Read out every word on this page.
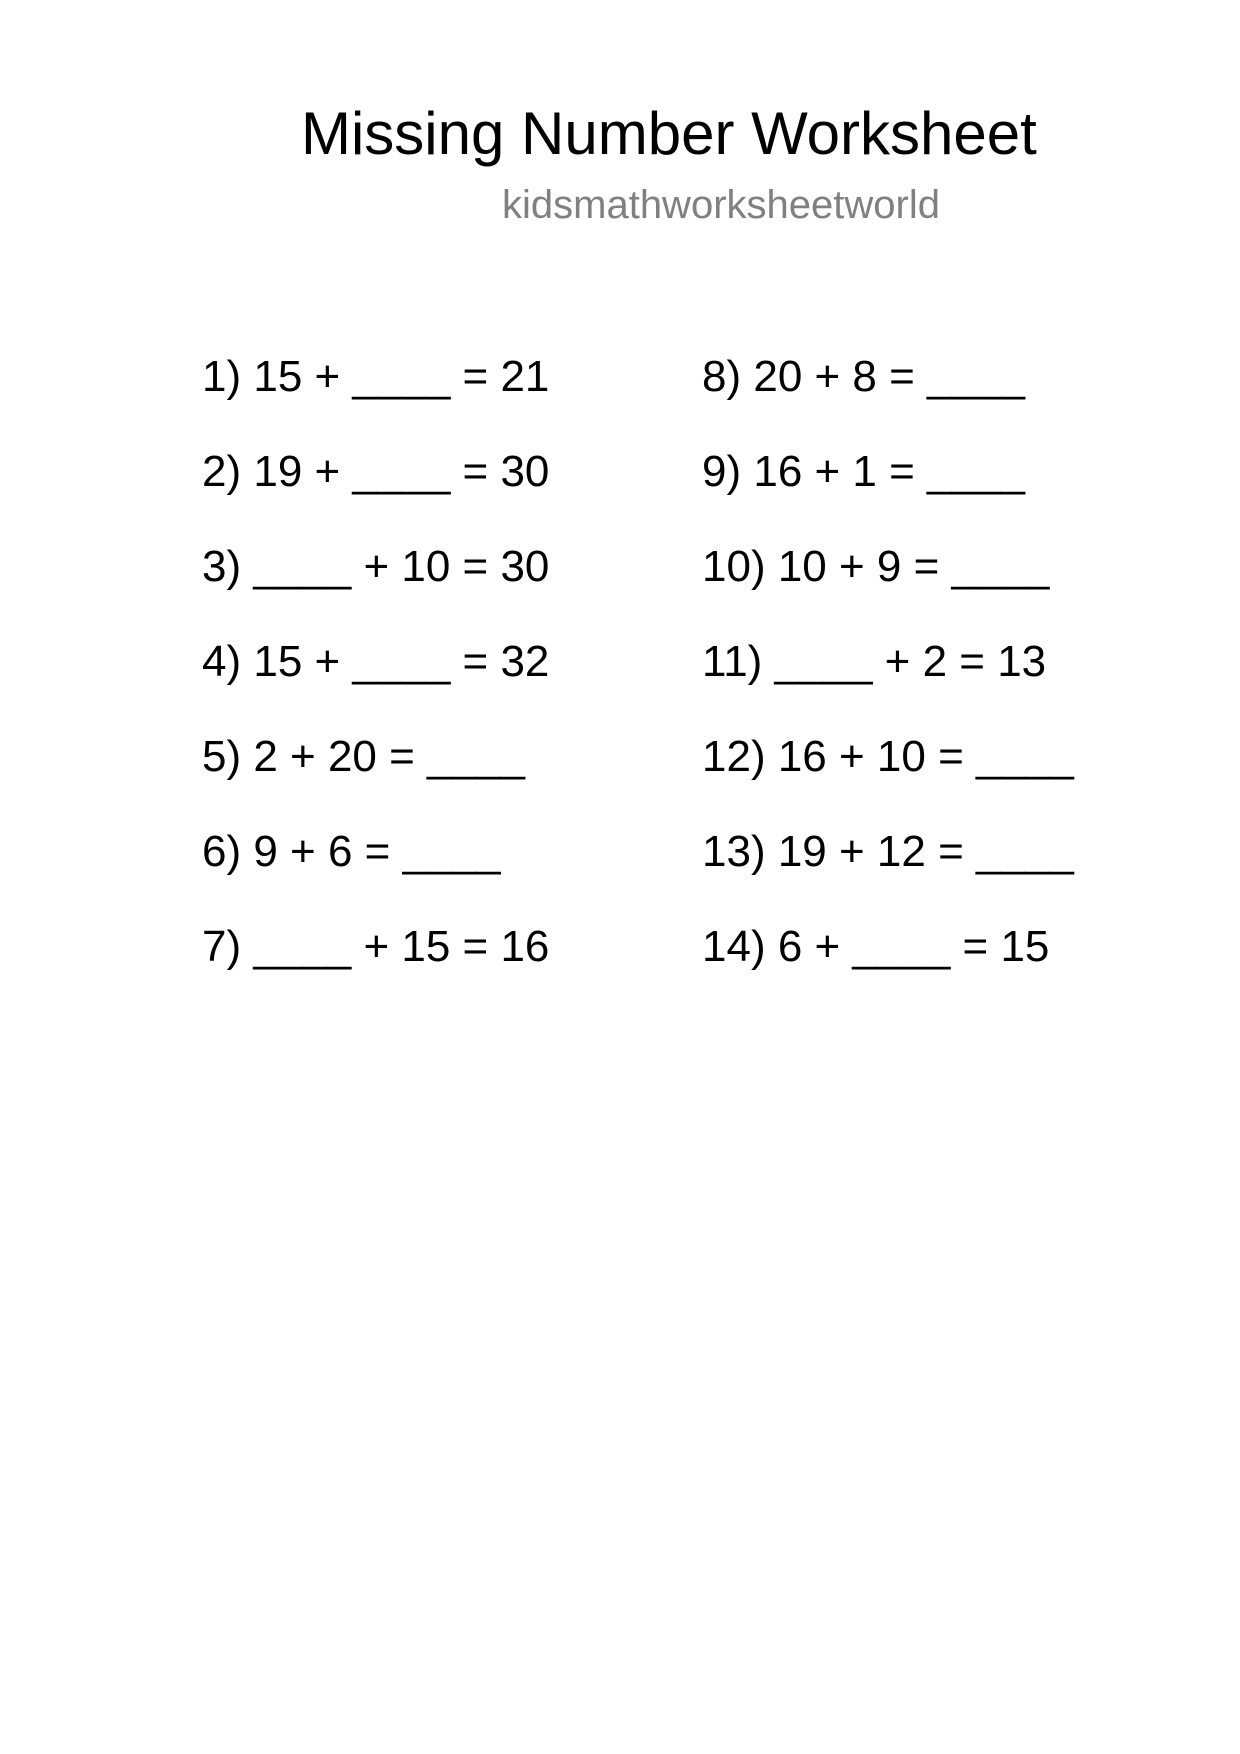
Missing Number Worksheet
kidsmathworksheetworld
1) 15 + ____ = 21
2) 19 + ____ = 30
3) ____ + 10 = 30
4) 15 + ____ = 32
5) 2 + 20 = ____
6) 9 + 6 = ____
7) ____ + 15 = 16
8) 20 + 8 = ____
9) 16 + 1 = ____
10) 10 + 9 = ____
11) ____ + 2 = 13
12) 16 + 10 = ____
13) 19 + 12 = ____
14) 6 + ____ = 15
